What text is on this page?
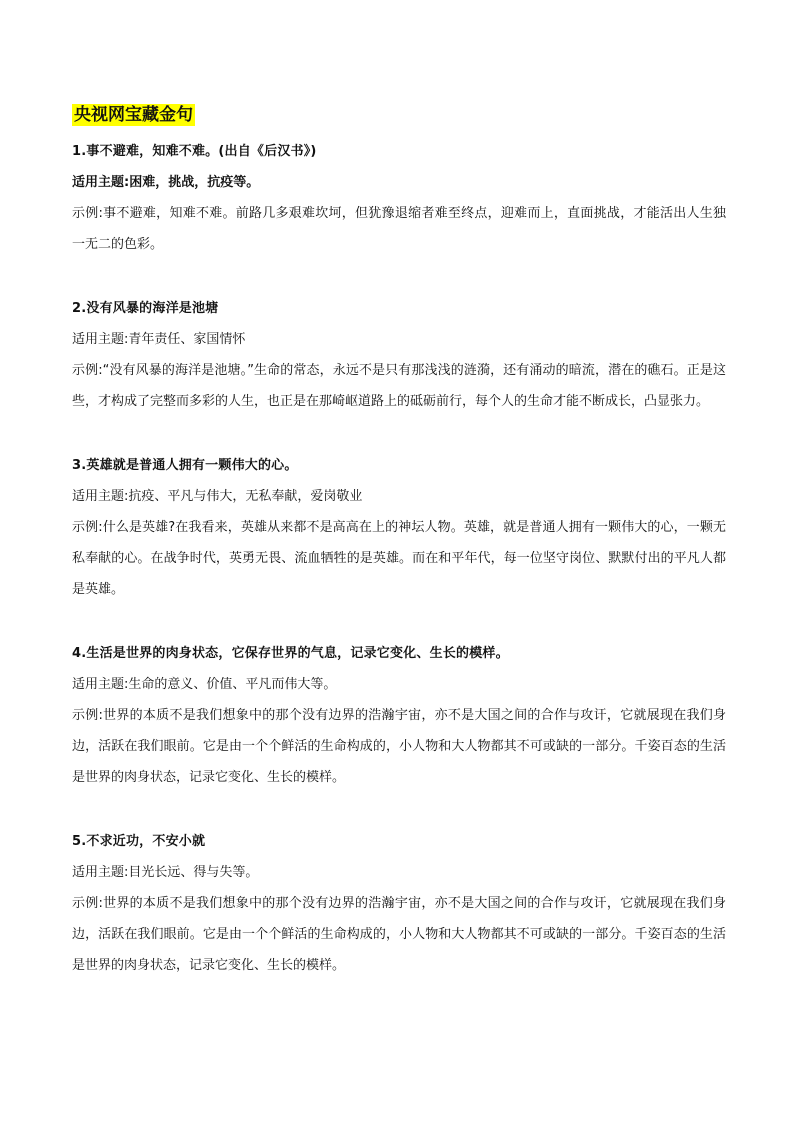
央视网宝藏金句

1.事不避难，知难不难。(出自《后汉书》)

适用主题:困难，挑战，抗疫等。

示例:事不避难，知难不难。前路几多艰难坎坷，但犹豫退缩者难至终点，迎难而上，直面挑战，才能活出人生独一无二的色彩。

2.没有风暴的海洋是池塘

适用主题:青年责任、家国情怀

示例:“没有风暴的海洋是池塘。”生命的常态，永远不是只有那浅浅的涟漪，还有涌动的暗流，潜在的礁石。正是这些，才构成了完整而多彩的人生，也正是在那崎岖道路上的砥砺前行，每个人的生命才能不断成长，凸显张力。

3.英雄就是普通人拥有一颗伟大的心。

适用主题:抗疫、平凡与伟大，无私奉献，爱岗敬业

示例:什么是英雄?在我看来，英雄从来都不是高高在上的神坛人物。英雄，就是普通人拥有一颗伟大的心，一颗无私奉献的心。在战争时代，英勇无畏、流血牺牲的是英雄。而在和平年代，每一位坚守岗位、默默付出的平凡人都是英雄。

4.生活是世界的肉身状态，它保存世界的气息，记录它变化、生长的模样。

适用主题:生命的意义、价值、平凡而伟大等。

示例:世界的本质不是我们想象中的那个没有边界的浩瀚宇宙，亦不是大国之间的合作与攻讦，它就展现在我们身边，活跃在我们眼前。它是由一个个鲜活的生命构成的，小人物和大人物都其不可或缺的一部分。千姿百态的生活是世界的肉身状态，记录它变化、生长的模样。

5.不求近功，不安小就

适用主题:目光长远、得与失等。

示例:世界的本质不是我们想象中的那个没有边界的浩瀚宇宙，亦不是大国之间的合作与攻讦，它就展现在我们身边，活跃在我们眼前。它是由一个个鲜活的生命构成的，小人物和大人物都其不可或缺的一部分。千姿百态的生活是世界的肉身状态，记录它变化、生长的模样。
